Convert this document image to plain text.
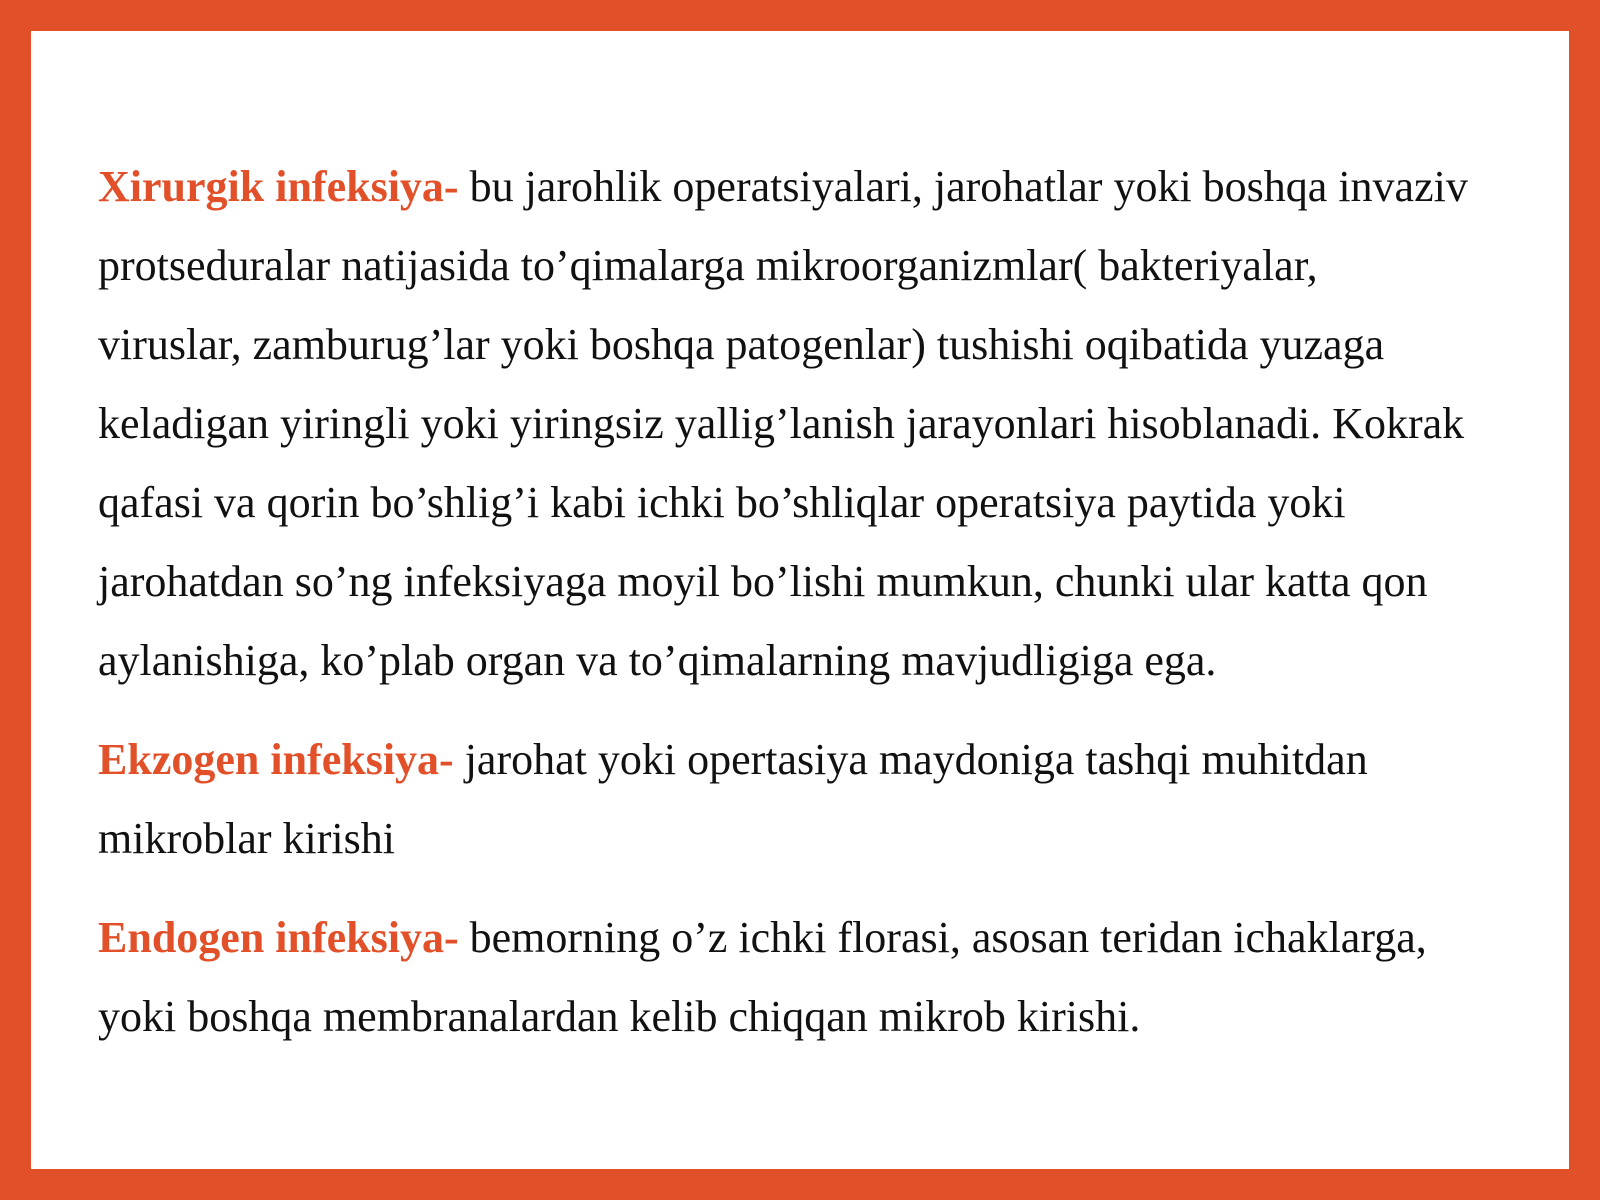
Xirurgik infeksiya- bu jarohlik operatsiyalari, jarohatlar yoki boshqa invaziv protseduralar natijasida to’qimalarga mikroorganizmlar( bakteriyalar, viruslar, zamburug’lar yoki boshqa patogenlar) tushishi oqibatida yuzaga keladigan yiringli yoki yiringsiz yallig’lanish jarayonlari hisoblanadi. Kokrak qafasi va qorin bo’shlig’i kabi ichki bo’shliqlar operatsiya paytida yoki jarohatdan so’ng infeksiyaga moyil bo’lishi mumkun, chunki ular katta qon aylanishiga, ko’plab organ va to’qimalarning mavjudligiga ega.

Ekzogen infeksiya- jarohat yoki opertasiya maydoniga tashqi muhitdan mikroblar kirishi

Endogen infeksiya- bemorning o’z ichki florasi, asosan teridan ichaklarga, yoki boshqa membranalardan kelib chiqqan mikrob kirishi.
